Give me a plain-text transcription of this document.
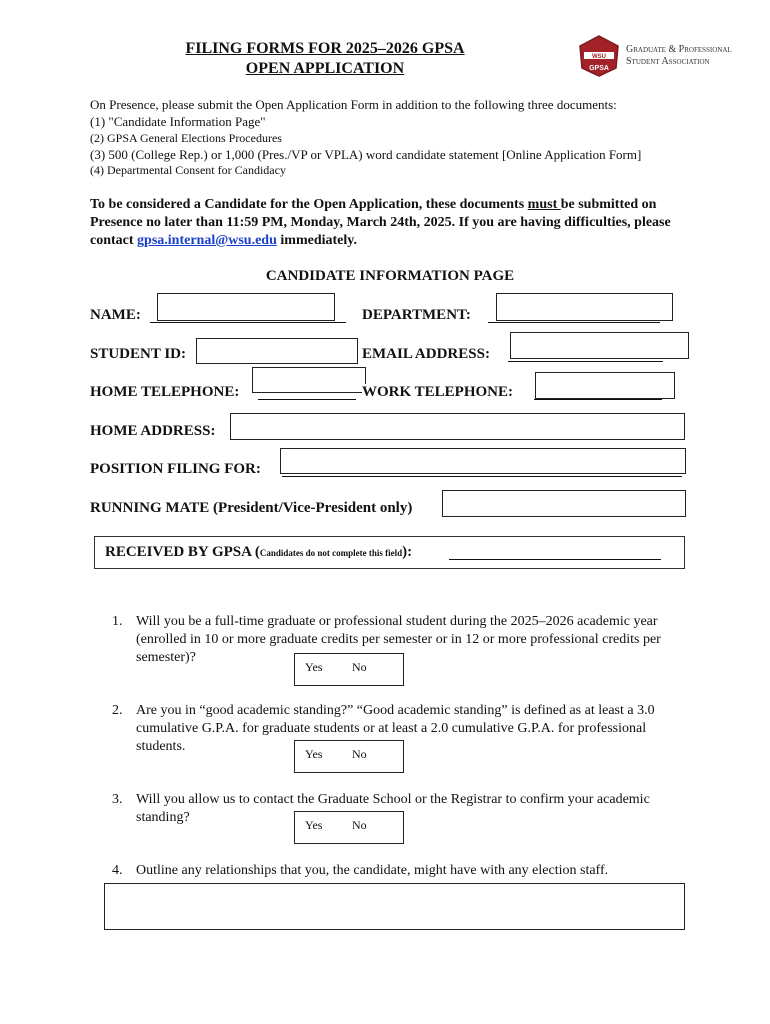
FILING FORMS FOR 2025–2026 GPSA
OPEN APPLICATION
WSU
GPSA
Graduate & Professional
Student Association
On Presence, please submit the Open Application Form in addition to the following three documents:
(1) "Candidate Information Page"
(2) GPSA General Elections Procedures
(3) 500 (College Rep.) or 1,000 (Pres./VP or VPLA) word candidate statement [Online Application Form]
(4) Departmental Consent for Candidacy
To be considered a Candidate for the Open Application, these documents must be submitted on Presence no later than 11:59 PM, Monday, March 24th, 2025. If you are having difficulties, please contact gpsa.internal@wsu.edu immediately.
CANDIDATE INFORMATION PAGE
NAME:	DEPARTMENT:
STUDENT ID:	EMAIL ADDRESS:
HOME TELEPHONE:	WORK TELEPHONE:
HOME ADDRESS:
POSITION FILING FOR:
RUNNING MATE (President/Vice-President only)
RECEIVED BY GPSA (Candidates do not complete this field):
1. Will you be a full-time graduate or professional student during the 2025–2026 academic year (enrolled in 10 or more graduate credits per semester or in 12 or more professional credits per semester)?
Yes No
2. Are you in “good academic standing?” “Good academic standing” is defined as at least a 3.0 cumulative G.P.A. for graduate students or at least a 2.0 cumulative G.P.A. for professional students.	Yes No
3. Will you allow us to contact the Graduate School or the Registrar to confirm your academic standing?	Yes No
4. Outline any relationships that you, the candidate, might have with any election staff.
